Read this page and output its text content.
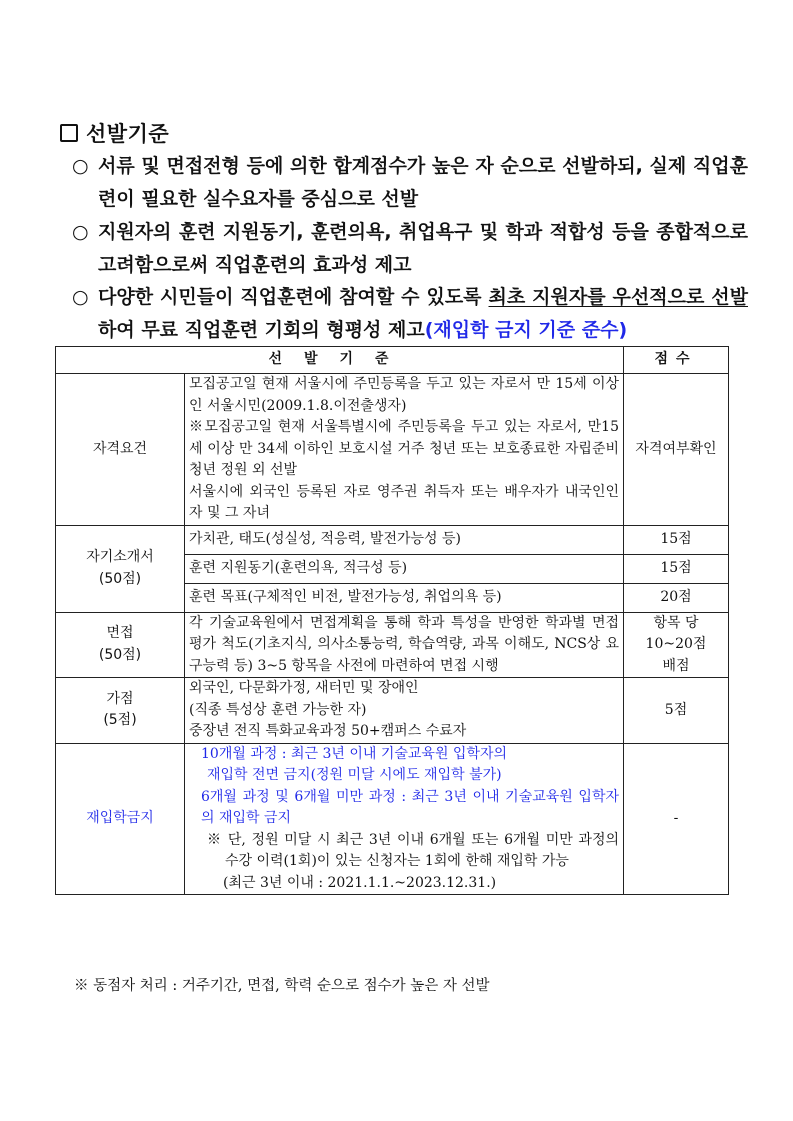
선발기준
○ 서류 및 면접전형 등에 의한 합계점수가 높은 자 순으로 선발하되, 실제 직업훈련이 필요한 실수요자를 중심으로 선발
○ 지원자의 훈련 지원동기, 훈련의욕, 취업욕구 및 학과 적합성 등을 종합적으로 고려함으로써 직업훈련의 효과성 제고
○ 다양한 시민들이 직업훈련에 참여할 수 있도록 최초 지원자를 우선적으로 선발하여 무료 직업훈련 기회의 형평성 제고(재입학 금지 기준 준수)
선발기준		점수
자격요건	모집공고일 현재 서울시에 주민등록을 두고 있는 자로서 만 15세 이상인 서울시민(2009.1.8.이전출생자)
※모집공고일 현재 서울특별시에 주민등록을 두고 있는 자로서, 만15세 이상 만 34세 이하인 보호시설 거주 청년 또는 보호종료한 자립준비청년 정원 외 선발
서울시에 외국인 등록된 자로 영주권 취득자 또는 배우자가 내국인인 자 및 그 자녀	자격여부확인

자기소개서
(50점)	가치관, 태도(성실성, 적응력, 발전가능성 등)	15점
	훈련 지원동기(훈련의욕, 적극성 등)	15점
	훈련 목표(구체적인 비전, 발전가능성, 취업의욕 등)	20점

면접
(50점)	각 기술교육원에서 면접계획을 통해 학과 특성을 반영한 학과별 면접 평가 척도(기초지식, 의사소통능력, 학습역량, 과목 이해도, NCS상 요구능력 등) 3~5 항목을 사전에 마련하여 면접 시행	항목 당
10~20점
배점

가점
(5점)	외국인, 다문화가정, 새터민 및 장애인
(직종 특성상 훈련 가능한 자)
중장년 전직 특화교육과정 50+캠퍼스 수료자	5점
재입학금지	10개월 과정 : 최근 3년 이내 기술교육원 입학자의
재입학 전면 금지(정원 미달 시에도 재입학 불가)
6개월 과정 및 6개월 미만 과정 : 최근 3년 이내 기술교육원 입학자의 재입학 금지
※ 단, 정원 미달 시 최근 3년 이내 6개월 또는 6개월 미만 과정의 수강 이력(1회)이 있는 신청자는 1회에 한해 재입학 가능
(최근 3년 이내 : 2021.1.1.~2023.12.31.)	-
※ 동점자 처리 : 거주기간, 면접, 학력 순으로 점수가 높은 자 선발
